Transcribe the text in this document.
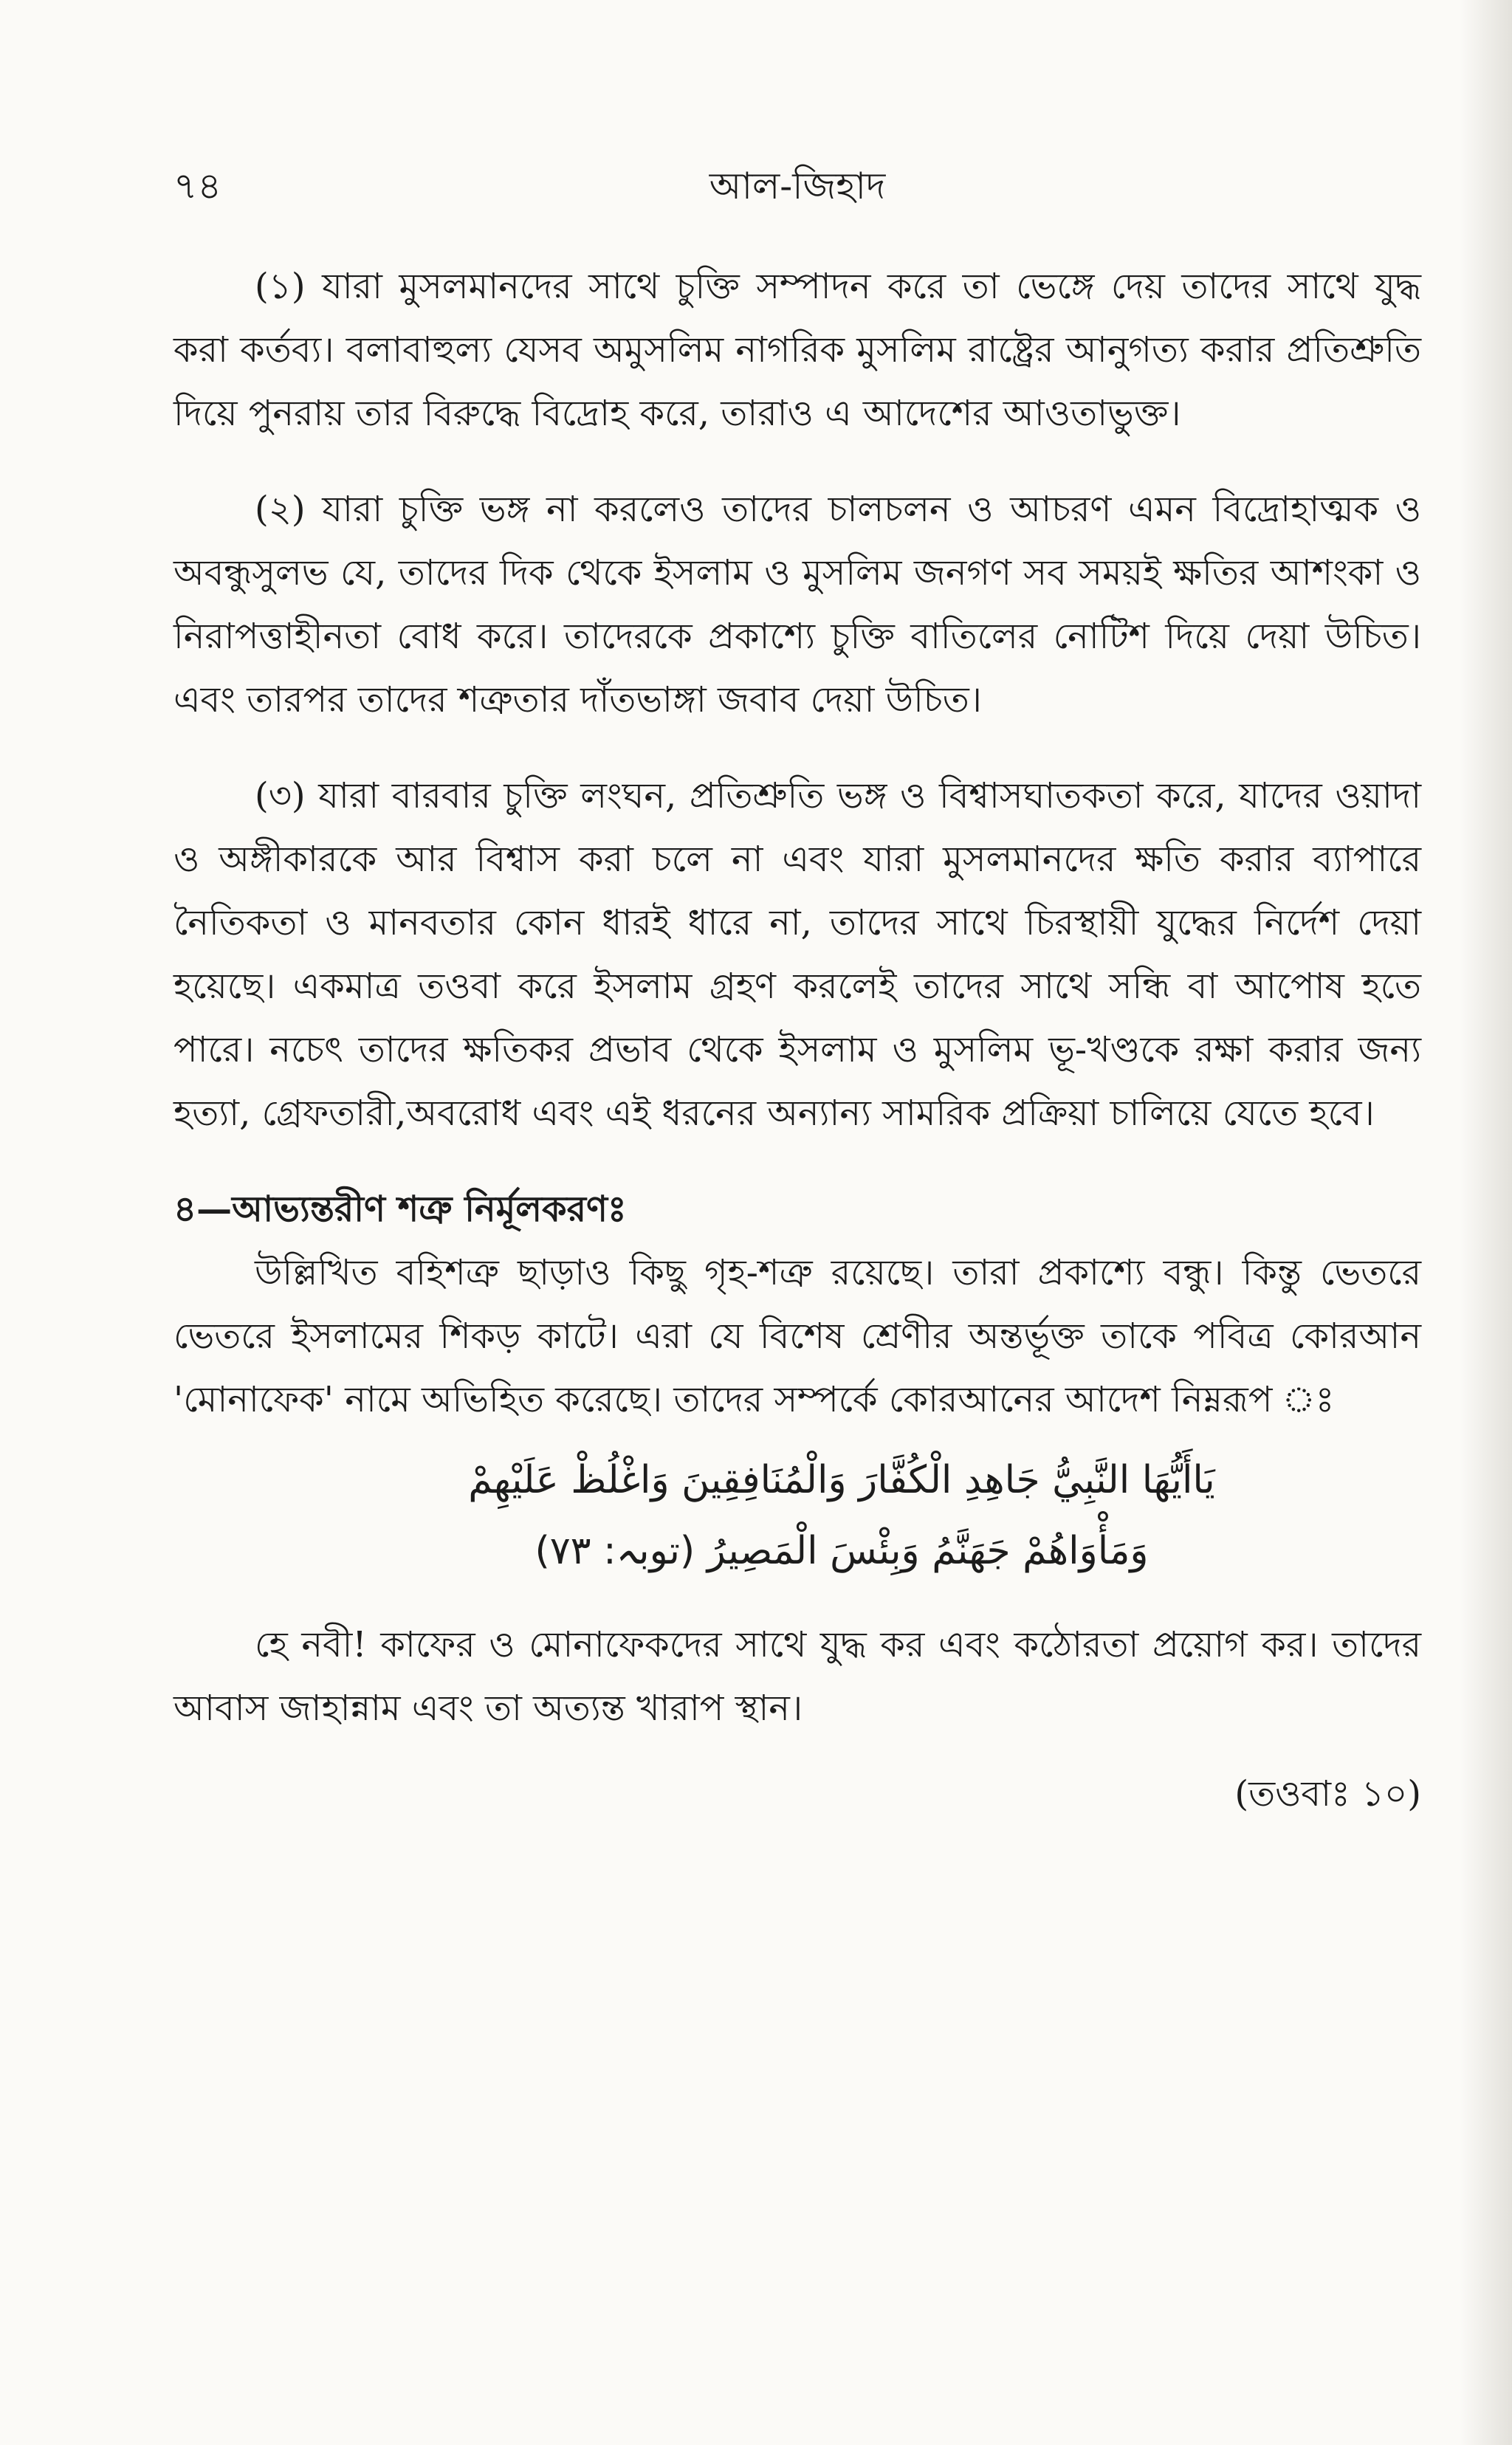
৭৪	আল-জিহাদ

(১) যারা মুসলমানদের সাথে চুক্তি সম্পাদন করে তা ভেঙ্গে দেয় তাদের সাথে যুদ্ধ করা কর্তব্য। বলাবাহুল্য যেসব অমুসলিম নাগরিক মুসলিম রাষ্ট্রের আনুগত্য করার প্রতিশ্রুতি দিয়ে পুনরায় তার বিরুদ্ধে বিদ্রোহ করে, তারাও এ আদেশের আওতাভুক্ত।

(২) যারা চুক্তি ভঙ্গ না করলেও তাদের চালচলন ও আচরণ এমন বিদ্রোহাত্মক ও অবন্ধুসুলভ যে, তাদের দিক থেকে ইসলাম ও মুসলিম জনগণ সব সময়ই ক্ষতির আশংকা ও নিরাপত্তাহীনতা বোধ করে। তাদেরকে প্রকাশ্যে চুক্তি বাতিলের নোটিশ দিয়ে দেয়া উচিত। এবং তারপর তাদের শত্রুতার দাঁতভাঙ্গা জবাব দেয়া উচিত।

(৩) যারা বারবার চুক্তি লংঘন, প্রতিশ্রুতি ভঙ্গ ও বিশ্বাসঘাতকতা করে, যাদের ওয়াদা ও অঙ্গীকারকে আর বিশ্বাস করা চলে না এবং যারা মুসলমানদের ক্ষতি করার ব্যাপারে নৈতিকতা ও মানবতার কোন ধারই ধারে না, তাদের সাথে চিরস্থায়ী যুদ্ধের নির্দেশ দেয়া হয়েছে। একমাত্র তওবা করে ইসলাম গ্রহণ করলেই তাদের সাথে সন্ধি বা আপোষ হতে পারে। নচেৎ তাদের ক্ষতিকর প্রভাব থেকে ইসলাম ও মুসলিম ভূ-খণ্ডকে রক্ষা করার জন্য হত্যা, গ্রেফতারী,অবরোধ এবং এই ধরনের অন্যান্য সামরিক প্রক্রিয়া চালিয়ে যেতে হবে।

৪—আভ্যন্তরীণ শত্রু নির্মূলকরণঃ

উল্লিখিত বহিশত্রু ছাড়াও কিছু গৃহ-শত্রু রয়েছে। তারা প্রকাশ্যে বন্ধু। কিন্তু ভেতরে ভেতরে ইসলামের শিকড় কাটে। এরা যে বিশেষ শ্রেণীর অন্তর্ভূক্ত তাকে পবিত্র কোরআন 'মোনাফেক' নামে অভিহিত করেছে। তাদের সম্পর্কে কোরআনের আদেশ নিম্নরূপ ঃ

يَاأَيُّهَا النَّبِيُّ جَاهِدِ الْكُفَّارَ وَالْمُنَافِقِينَ وَاغْلُظْ عَلَيْهِمْ

وَمَأْوَاهُمْ جَهَنَّمُ وَبِئْسَ الْمَصِيرُ (توبہ: ٧٣)

হে নবী! কাফের ও মোনাফেকদের সাথে যুদ্ধ কর এবং কঠোরতা প্রয়োগ কর। তাদের আবাস জাহান্নাম এবং তা অত্যন্ত খারাপ স্থান।

(তওবাঃ ১০)
